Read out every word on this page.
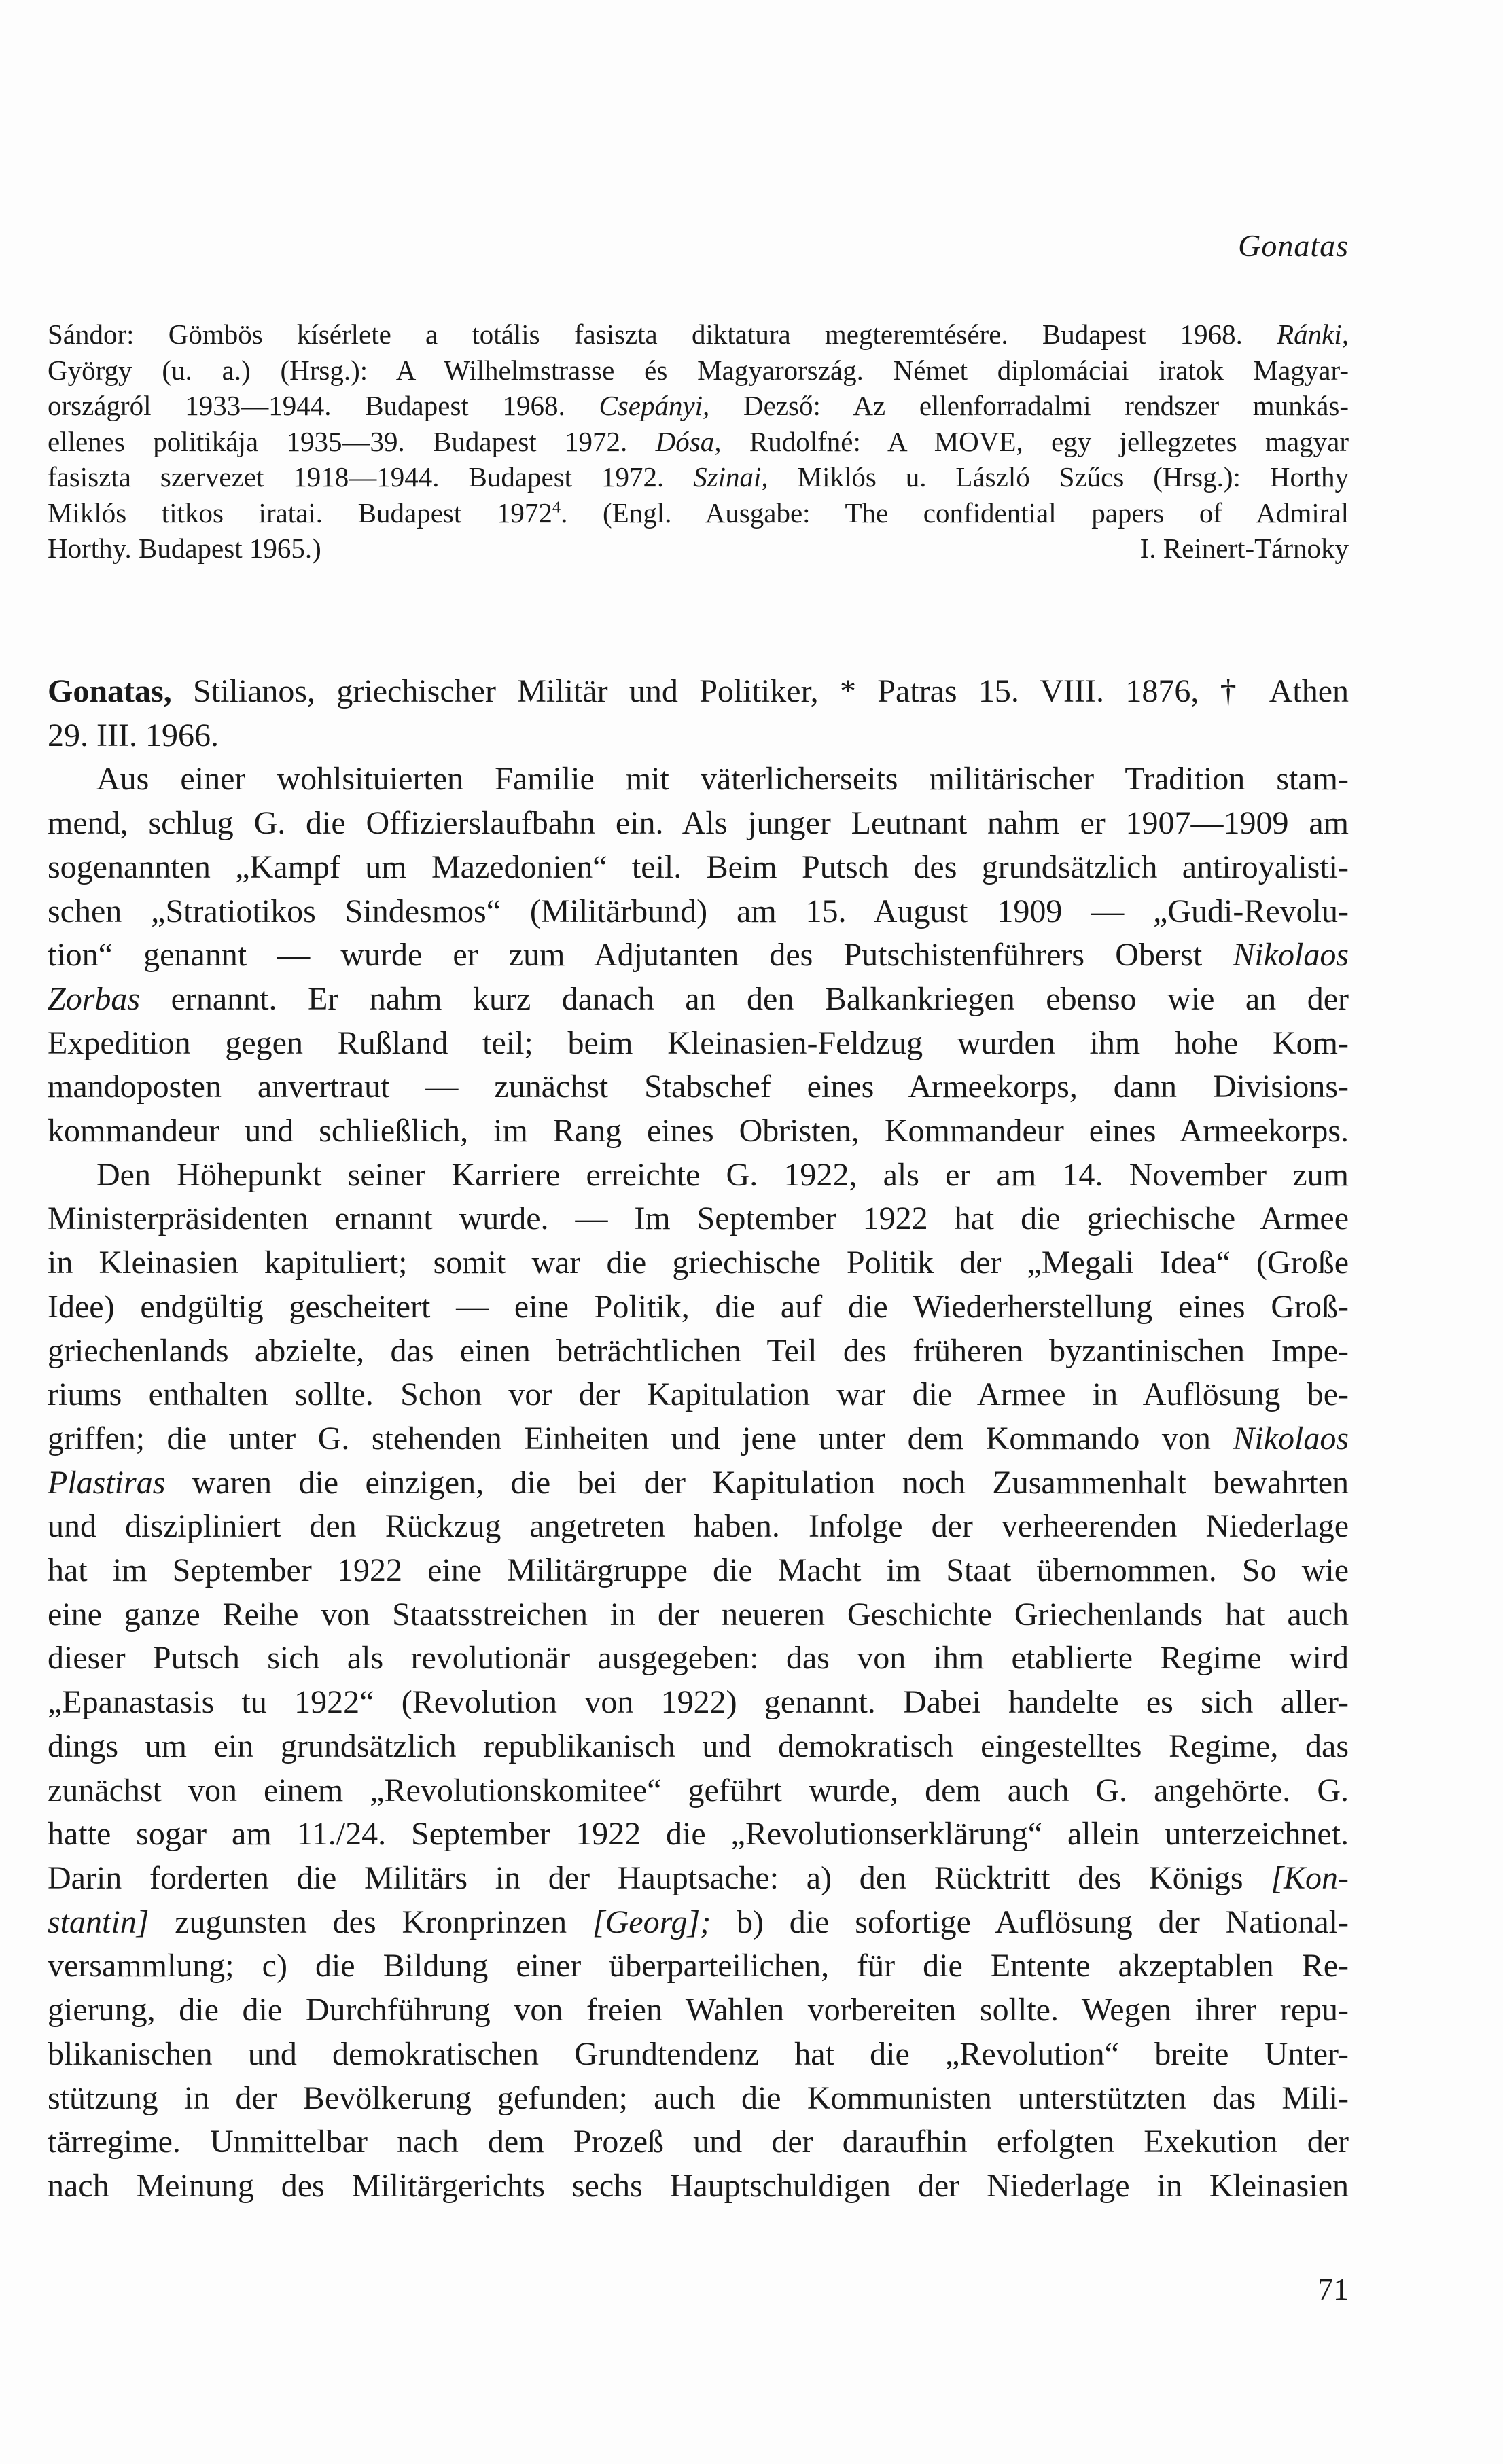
Gonatas
Sándor: Gömbös kísérlete a totális fasiszta diktatura megteremtésére. Budapest 1968. Ránki,
György (u. a.) (Hrsg.): A Wilhelmstrasse és Magyarország. Német diplomáciai iratok Magyar-
országról 1933—1944. Budapest 1968. Csepányi, Dezső: Az ellenforradalmi rendszer munkás-
ellenes politikája 1935—39. Budapest 1972. Dósa, Rudolfné: A MOVE, egy jellegzetes magyar
fasiszta szervezet 1918—1944. Budapest 1972. Szinai, Miklós u. László Szűcs (Hrsg.): Horthy
Miklós titkos iratai. Budapest 1972$^4$. (Engl. Ausgabe: The confidential papers of Admiral
Horthy. Budapest 1965.)	I. Reinert-Tárnoky
Gonatas, Stilianos, griechischer Militär und Politiker, * Patras 15. VIII. 1876, † Athen
29. III. 1966.
Aus einer wohlsituierten Familie mit väterlicherseits militärischer Tradition stam-
mend, schlug G. die Offizierslaufbahn ein. Als junger Leutnant nahm er 1907—1909 am
sogenannten „Kampf um Mazedonien“ teil. Beim Putsch des grundsätzlich antiroyalisti-
schen „Stratiotikos Sindesmos“ (Militärbund) am 15. August 1909 — „Gudi-Revolu-
tion“ genannt — wurde er zum Adjutanten des Putschistenführers Oberst Nikolaos
Zorbas ernannt. Er nahm kurz danach an den Balkankriegen ebenso wie an der
Expedition gegen Rußland teil; beim Kleinasien-Feldzug wurden ihm hohe Kom-
mandoposten anvertraut — zunächst Stabschef eines Armeekorps, dann Divisions-
kommandeur und schließlich, im Rang eines Obristen, Kommandeur eines Armeekorps.
Den Höhepunkt seiner Karriere erreichte G. 1922, als er am 14. November zum
Ministerpräsidenten ernannt wurde. — Im September 1922 hat die griechische Armee
in Kleinasien kapituliert; somit war die griechische Politik der „Megali Idea“ (Große
Idee) endgültig gescheitert — eine Politik, die auf die Wiederherstellung eines Groß-
griechenlands abzielte, das einen beträchtlichen Teil des früheren byzantinischen Impe-
riums enthalten sollte. Schon vor der Kapitulation war die Armee in Auflösung be-
griffen; die unter G. stehenden Einheiten und jene unter dem Kommando von Nikolaos
Plastiras waren die einzigen, die bei der Kapitulation noch Zusammenhalt bewahrten
und diszipliniert den Rückzug angetreten haben. Infolge der verheerenden Niederlage
hat im September 1922 eine Militärgruppe die Macht im Staat übernommen. So wie
eine ganze Reihe von Staatsstreichen in der neueren Geschichte Griechenlands hat auch
dieser Putsch sich als revolutionär ausgegeben: das von ihm etablierte Regime wird
„Epanastasis tu 1922“ (Revolution von 1922) genannt. Dabei handelte es sich aller-
dings um ein grundsätzlich republikanisch und demokratisch eingestelltes Regime, das
zunächst von einem „Revolutionskomitee“ geführt wurde, dem auch G. angehörte. G.
hatte sogar am 11./24. September 1922 die „Revolutionserklärung“ allein unterzeichnet.
Darin forderten die Militärs in der Hauptsache: a) den Rücktritt des Königs [Kon-
stantin] zugunsten des Kronprinzen [Georg]; b) die sofortige Auflösung der National-
versammlung; c) die Bildung einer überparteilichen, für die Entente akzeptablen Re-
gierung, die die Durchführung von freien Wahlen vorbereiten sollte. Wegen ihrer repu-
blikanischen und demokratischen Grundtendenz hat die „Revolution“ breite Unter-
stützung in der Bevölkerung gefunden; auch die Kommunisten unterstützten das Mili-
tärregime. Unmittelbar nach dem Prozeß und der daraufhin erfolgten Exekution der
nach Meinung des Militärgerichts sechs Hauptschuldigen der Niederlage in Kleinasien
71
